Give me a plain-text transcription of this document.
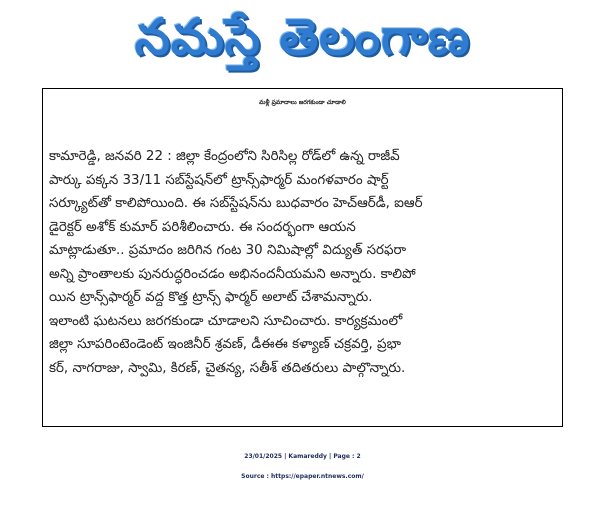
నమస్తే తెలంగాణ
మళ్లీ ప్రమాదాలు జరగకుండా చూడాలి
కామారెడ్డి, జనవరి 22 : జిల్లా కేంద్రంలోని సిరిసిల్ల రోడ్‌లో ఉన్న రాజీవ్
పార్కు పక్కన 33/11 సబ్‌స్టేషన్‌లో ట్రాన్స్‌ఫార్మర్ మంగళవారం షార్ట్
సర్క్యూట్‌తో కాలిపోయింది. ఈ సబ్‌స్టేషన్‌ను బుధవారం హెచ్‌ఆర్‌డీ, ఐఆర్
డైరెక్టర్ అశోక్ కుమార్ పరిశీలించారు. ఈ సందర్భంగా ఆయన
మాట్లాడుతూ.. ప్రమాదం జరిగిన గంట 30 నిమిషాల్లో విద్యుత్ సరఫరా
అన్ని ప్రాంతాలకు పునరుద్ధరించడం అభినందనీయమని అన్నారు. కాలిపో
యిన ట్రాన్స్‌ఫార్మర్ వద్ద కొత్త ట్రాన్స్ ఫార్మర్ అలాట్ చేశామన్నారు.
ఇలాంటి ఘటనలు జరగకుండా చూడాలని సూచించారు. కార్యక్రమంలో
జిల్లా సూపరింటెండెంట్ ఇంజినీర్ శ్రవణ్, డీఈఈ కళ్యాణ్ చక్రవర్తి, ప్రభా
కర్, నాగరాజు, స్వామి, కిరణ్, చైతన్య, సతీశ్ తదితరులు పాల్గొన్నారు.
23/01/2025 | Kamareddy | Page : 2
Source : https://epaper.ntnews.com/
